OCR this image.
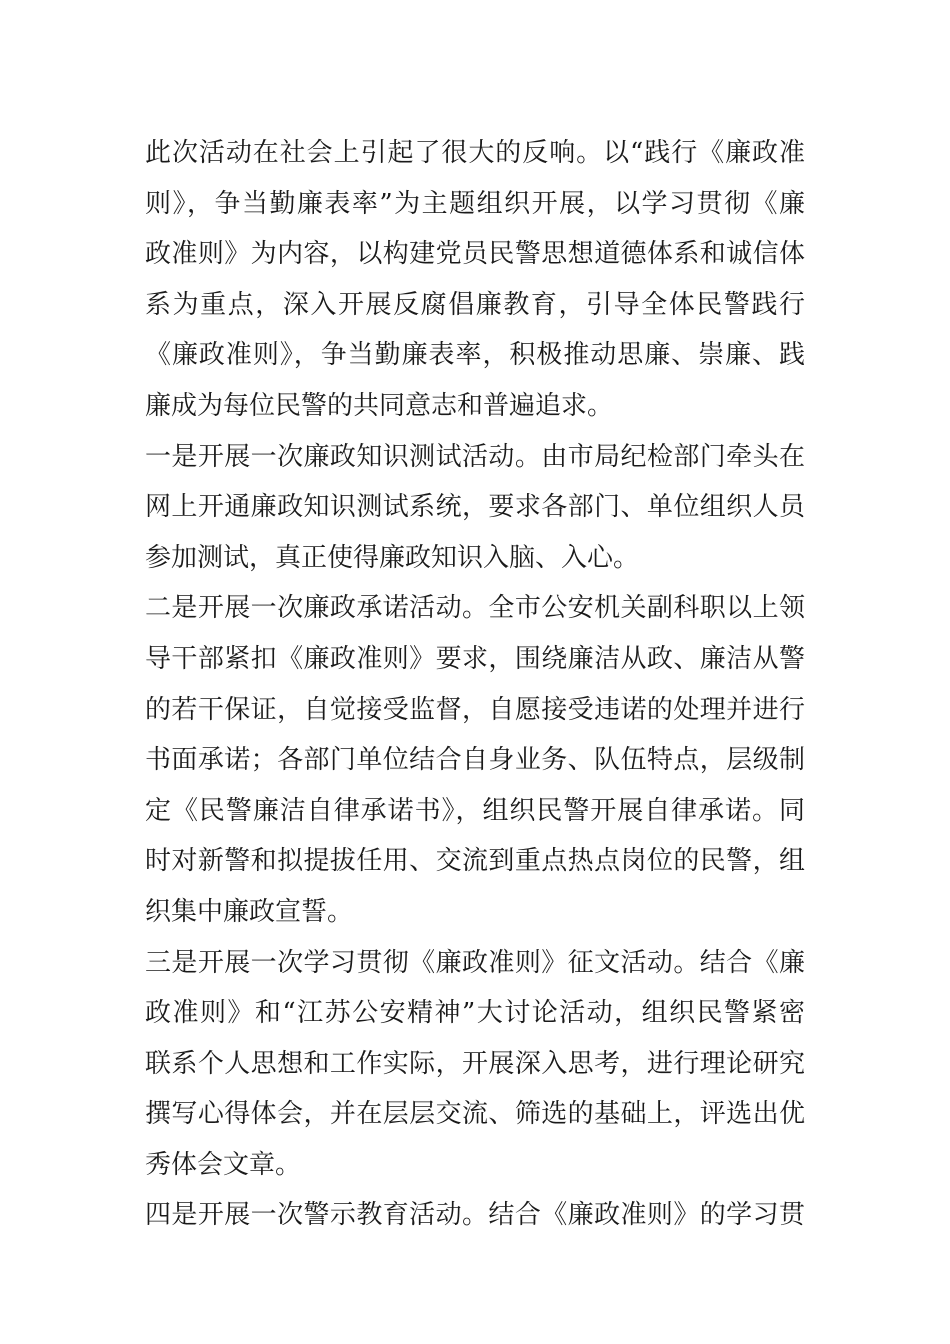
此次活动在社会上引起了很大的反响。以“践行《廉政准
则》，争当勤廉表率”为主题组织开展，以学习贯彻《廉
政准则》为内容，以构建党员民警思想道德体系和诚信体
系为重点，深入开展反腐倡廉教育，引导全体民警践行
《廉政准则》，争当勤廉表率，积极推动思廉、崇廉、践
廉成为每位民警的共同意志和普遍追求。
一是开展一次廉政知识测试活动。由市局纪检部门牵头在
网上开通廉政知识测试系统，要求各部门、单位组织人员
参加测试，真正使得廉政知识入脑、入心。
二是开展一次廉政承诺活动。全市公安机关副科职以上领
导干部紧扣《廉政准则》要求，围绕廉洁从政、廉洁从警
的若干保证，自觉接受监督，自愿接受违诺的处理并进行
书面承诺；各部门单位结合自身业务、队伍特点，层级制
定《民警廉洁自律承诺书》，组织民警开展自律承诺。同
时对新警和拟提拔任用、交流到重点热点岗位的民警，组
织集中廉政宣誓。
三是开展一次学习贯彻《廉政准则》征文活动。结合《廉
政准则》和“江苏公安精神”大讨论活动，组织民警紧密
联系个人思想和工作实际，开展深入思考，进行理论研究
撰写心得体会，并在层层交流、筛选的基础上，评选出优
秀体会文章。
四是开展一次警示教育活动。结合《廉政准则》的学习贯
